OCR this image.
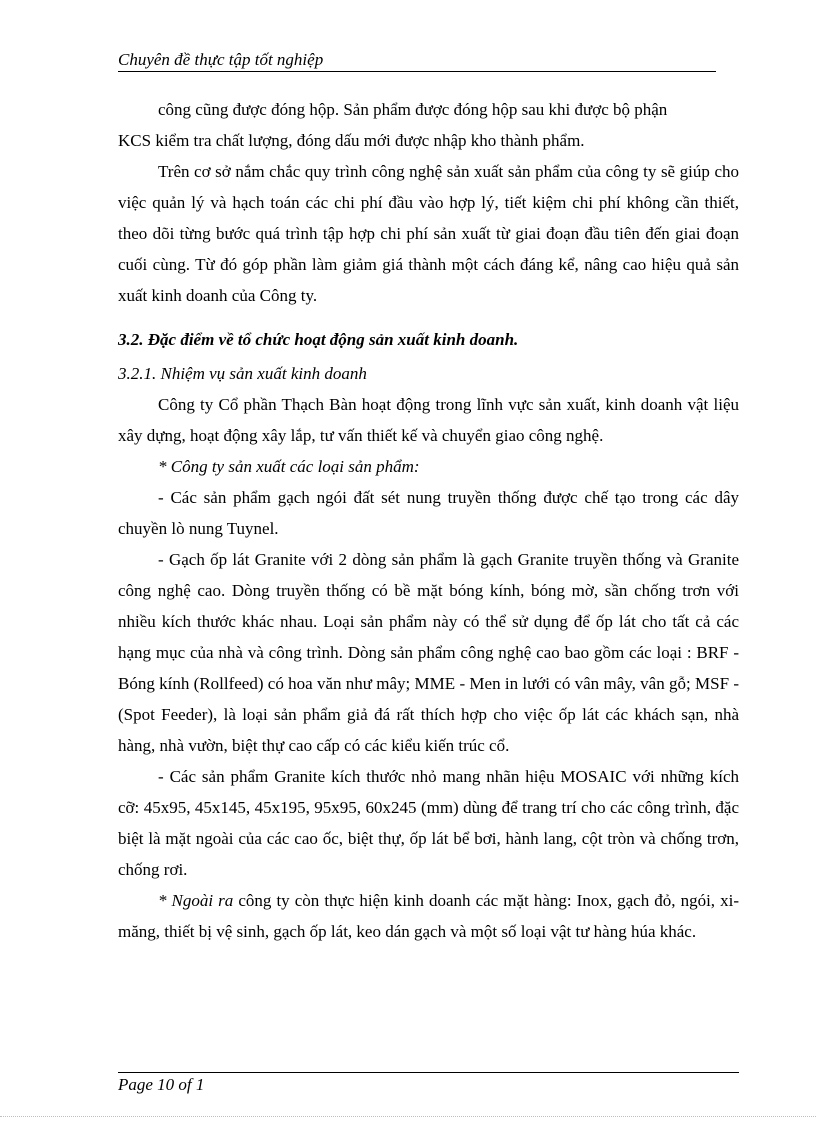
Chuyên đề thực tập tốt nghiệp

công cũng được đóng hộp. Sản phẩm được đóng hộp sau khi được bộ phận
KCS kiểm tra chất lượng, đóng dấu mới được nhập kho thành phẩm.

Trên cơ sở nắm chắc quy trình công nghệ sản xuất sản phẩm của công ty sẽ giúp cho việc quản lý và hạch toán các chi phí đầu vào hợp lý, tiết kiệm chi phí không cần thiết, theo dõi từng bước quá trình tập hợp chi phí sản xuất từ giai đoạn đầu tiên đến giai đoạn cuối cùng. Từ đó góp phần làm giảm giá thành một cách đáng kể, nâng cao hiệu quả sản xuất kinh doanh của Công ty.

3.2. Đặc điểm về tổ chức hoạt động sản xuất kinh doanh.

3.2.1. Nhiệm vụ sản xuất kinh doanh

Công ty Cổ phần Thạch Bàn hoạt động trong lĩnh vực sản xuất, kinh doanh vật liệu xây dựng, hoạt động xây lắp, tư vấn thiết kế và chuyển giao công nghệ.

* Công ty sản xuất các loại sản phẩm:

- Các sản phẩm gạch ngói đất sét nung truyền thống được chế tạo trong các dây chuyền lò nung Tuynel.

- Gạch ốp lát Granite với 2 dòng sản phẩm là gạch Granite truyền thống và Granite công nghệ cao. Dòng truyền thống có bề mặt bóng kính, bóng mờ, sần chống trơn với nhiều kích thước khác nhau. Loại sản phẩm này có thể sử dụng để ốp lát cho tất cả các hạng mục của nhà và công trình. Dòng sản phẩm công nghệ cao bao gồm các loại : BRF - Bóng kính (Rollfeed) có hoa văn như mây; MME - Men in lưới có vân mây, vân gỗ; MSF - (Spot Feeder), là loại sản phẩm giả đá rất thích hợp cho việc ốp lát các khách sạn, nhà hàng, nhà vườn, biệt thự cao cấp có các kiểu kiến trúc cổ.

- Các sản phẩm Granite kích thước nhỏ mang nhãn hiệu MOSAIC với những kích cỡ: 45x95, 45x145, 45x195, 95x95, 60x245 (mm) dùng để trang trí cho các công trình, đặc biệt là mặt ngoài của các cao ốc, biệt thự, ốp lát bể bơi, hành lang, cột tròn và chống trơn, chống rơi.

* Ngoài ra công ty còn thực hiện kinh doanh các mặt hàng: Inox, gạch đỏ, ngói, xi-măng, thiết bị vệ sinh, gạch ốp lát, keo dán gạch và một số loại vật tư hàng húa khác.

Page 10 of 1
